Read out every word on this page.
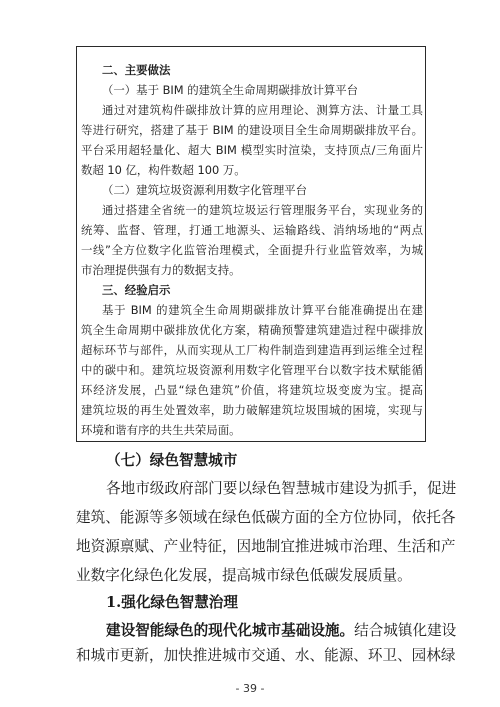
二、主要做法
（一）基于 BIM 的建筑全生命周期碳排放计算平台
通过对建筑构件碳排放计算的应用理论、测算方法、计量工具
等进行研究，搭建了基于 BIM 的建设项目全生命周期碳排放平台。
平台采用超轻量化、超大 BIM 模型实时渲染，支持顶点/三角面片
数超 10 亿，构件数超 100 万。
（二）建筑垃圾资源利用数字化管理平台
通过搭建全省统一的建筑垃圾运行管理服务平台，实现业务的
统筹、监督、管理，打通工地源头、运输路线、消纳场地的“两点
一线”全方位数字化监管治理模式，全面提升行业监管效率，为城
市治理提供强有力的数据支持。
三、经验启示
基于 BIM 的建筑全生命周期碳排放计算平台能准确提出在建
筑全生命周期中碳排放优化方案，精确预警建筑建造过程中碳排放
超标环节与部件，从而实现从工厂构件制造到建造再到运维全过程
中的碳中和。建筑垃圾资源利用数字化管理平台以数字技术赋能循
环经济发展，凸显“绿色建筑”价值，将建筑垃圾变废为宝。提高
建筑垃圾的再生处置效率，助力破解建筑垃圾围城的困境，实现与
环境和谐有序的共生共荣局面。
（七）绿色智慧城市
各地市级政府部门要以绿色智慧城市建设为抓手，促进
建筑、能源等多领域在绿色低碳方面的全方位协同，依托各
地资源禀赋、产业特征，因地制宜推进城市治理、生活和产
业数字化绿色化发展，提高城市绿色低碳发展质量。
1.强化绿色智慧治理
建设智能绿色的现代化城市基础设施。结合城镇化建设
和城市更新，加快推进城市交通、水、能源、环卫、园林绿
- 39 -
